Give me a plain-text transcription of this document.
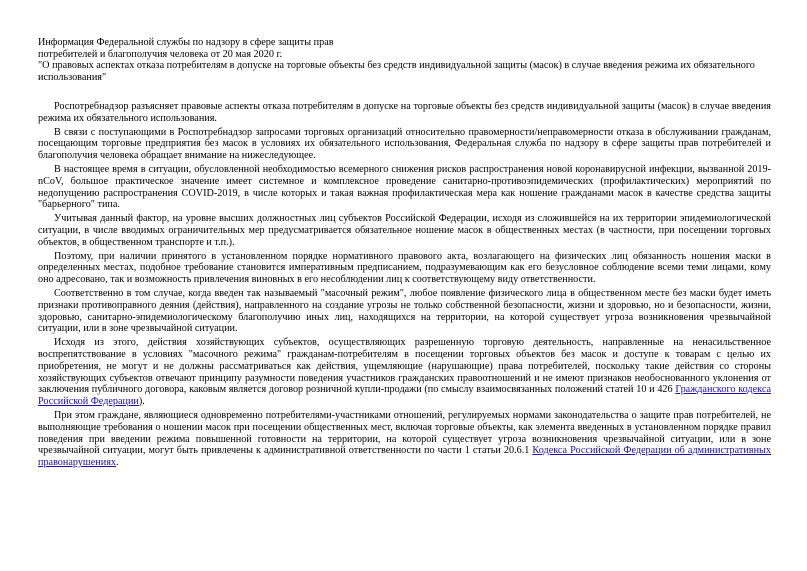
Информация Федеральной службы по надзору в сфере защиты прав
потребителей и благополучия человека от 20 мая 2020 г.
"О правовых аспектах отказа потребителям в допуске на торговые объекты без средств индивидуальной защиты (масок) в случае введения режима их обязательного использования"

Роспотребнадзор разъясняет правовые аспекты отказа потребителям в допуске на торговые объекты без средств индивидуальной защиты (масок) в случае введения режима их обязательного использования.

В связи с поступающими в Роспотребнадзор запросами торговых организаций относительно правомерности/неправомерности отказа в обслуживании гражданам, посещающим торговые предприятия без масок в условиях их обязательного использования, Федеральная служба по надзору в сфере защиты прав потребителей и благополучия человека обращает внимание на нижеследующее.

В настоящее время в ситуации, обусловленной необходимостью всемерного снижения рисков распространения новой коронавирусной инфекции, вызванной 2019-nCoV, большое практическое значение имеет системное и комплексное проведение санитарно-противоэпидемических (профилактических) мероприятий по недопущению распространения COVID-2019, в числе которых и такая важная профилактическая мера как ношение гражданами масок в качестве средства защиты "барьерного" типа.

Учитывая данный фактор, на уровне высших должностных лиц субъектов Российской Федерации, исходя из сложившейся на их территории эпидемиологической ситуации, в числе вводимых ограничительных мер предусматривается обязательное ношение масок в общественных местах (в частности, при посещении торговых объектов, в общественном транспорте и т.п.).

Поэтому, при наличии принятого в установленном порядке нормативного правового акта, возлагающего на физических лиц обязанность ношения маски в определенных местах, подобное требование становится императивным предписанием, подразумевающим как его безусловное соблюдение всеми теми лицами, кому оно адресовано, так и возможность привлечения виновных в его несоблюдении лиц к соответствующему виду ответственности.

Соответственно в том случае, когда введен так называемый "масочный режим", любое появление физического лица в общественном месте без маски будет иметь признаки противоправного деяния (действия), направленного на создание угрозы не только собственной безопасности, жизни и здоровью, но и безопасности, жизни, здоровью, санитарно-эпидемиологическому благополучию иных лиц, находящихся на территории, на которой существует угроза возникновения чрезвычайной ситуации, или в зоне чрезвычайной ситуации.

Исходя из этого, действия хозяйствующих субъектов, осуществляющих разрешенную торговую деятельность, направленные на ненасильственное воспрепятствование в условиях "масочного режима" гражданам-потребителям в посещении торговых объектов без масок и доступе к товарам с целью их приобретения, не могут и не должны рассматриваться как действия, ущемляющие (нарушающие) права потребителей, поскольку такие действия со стороны хозяйствующих субъектов отвечают принципу разумности поведения участников гражданских правоотношений и не имеют признаков необоснованного уклонения от заключения публичного договора, каковым является договор розничной купли-продажи (по смыслу взаимосвязанных положений статей 10 и 426 Гражданского кодекса Российской Федерации).

При этом граждане, являющиеся одновременно потребителями-участниками отношений, регулируемых нормами законодательства о защите прав потребителей, не выполняющие требования о ношении масок при посещении общественных мест, включая торговые объекты, как элемента введенных в установленном порядке правил поведения при введении режима повышенной готовности на территории, на которой существует угроза возникновения чрезвычайной ситуации, или в зоне чрезвычайной ситуации, могут быть привлечены к административной ответственности по части 1 статьи 20.6.1 Кодекса Российской Федерации об административных правонарушениях.
